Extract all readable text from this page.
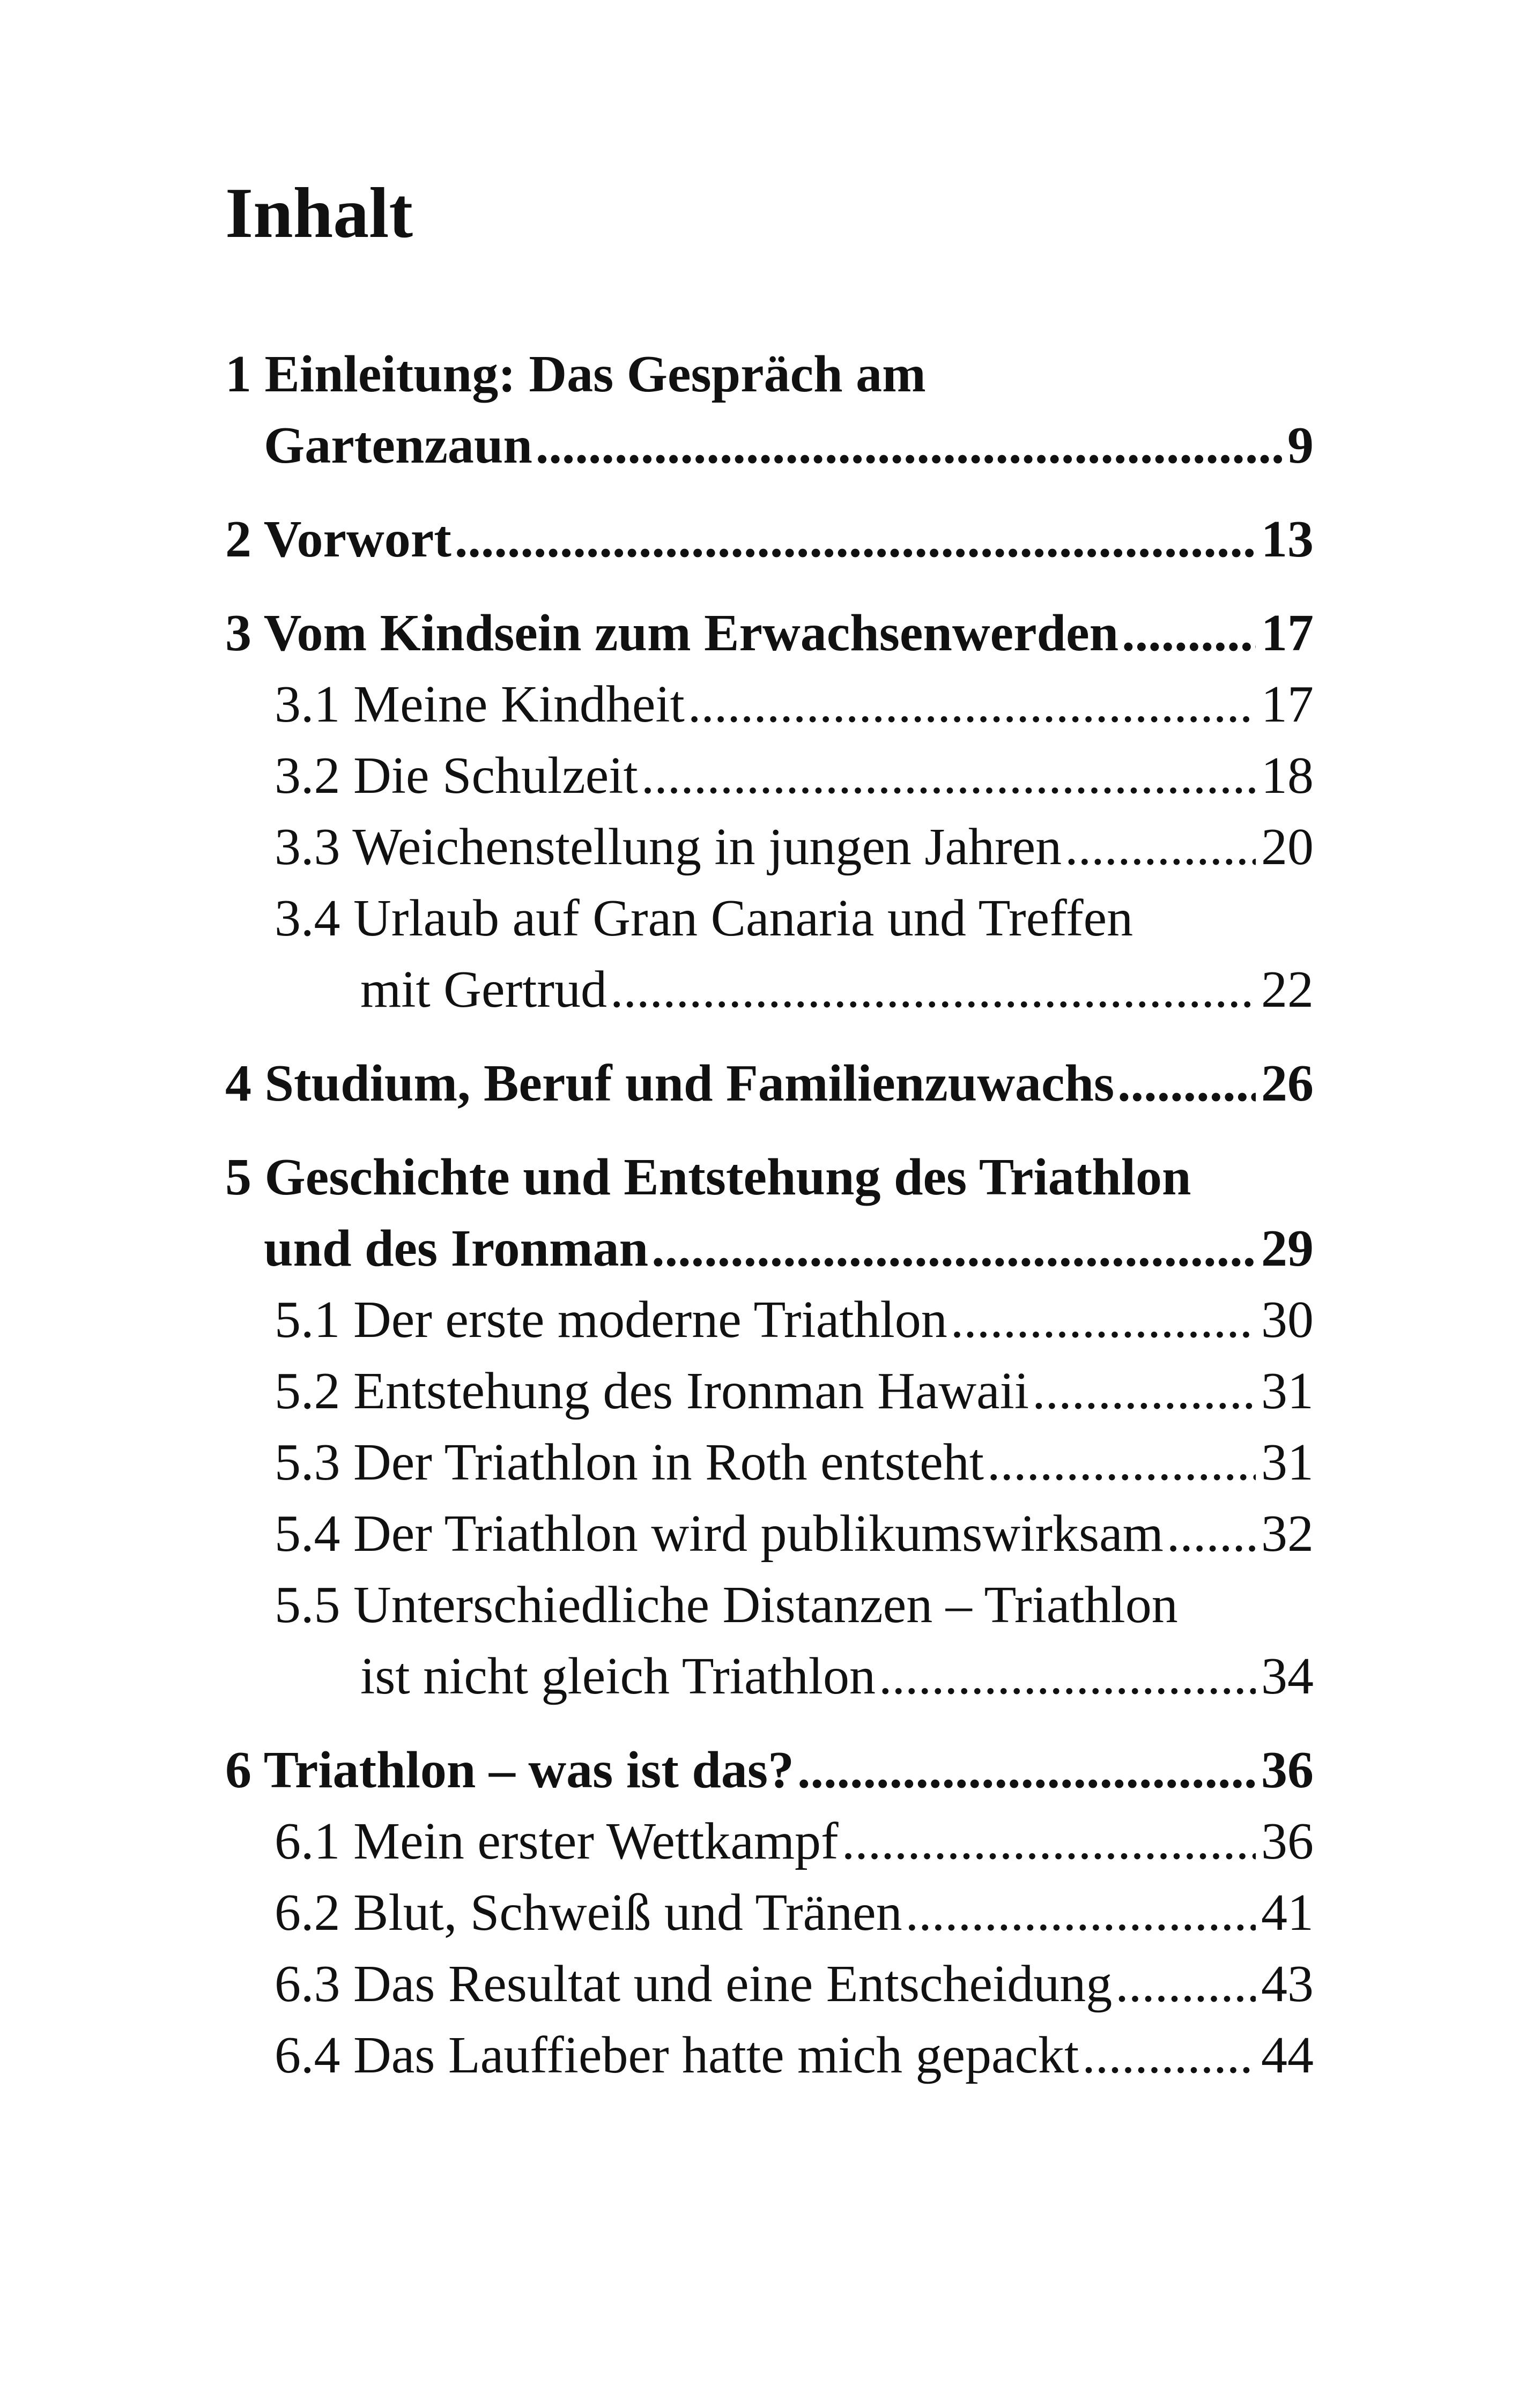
Inhalt
1 Einleitung: Das Gespräch am
Gartenzaun .....	9
2 Vorwort .....	13
3 Vom Kindsein zum Erwachsenwerden .....	17
3.1 Meine Kindheit .....	17
3.2 Die Schulzeit .....	18
3.3 Weichenstellung in jungen Jahren .....	20
3.4 Urlaub auf Gran Canaria und Treffen
mit Gertrud .....	22
4 Studium, Beruf und Familienzuwachs .....	26
5 Geschichte und Entstehung des Triathlon
und des Ironman .....	29
5.1 Der erste moderne Triathlon .....	30
5.2 Entstehung des Ironman Hawaii .....	31
5.3 Der Triathlon in Roth entsteht .....	31
5.4 Der Triathlon wird publikumswirksam ..... 32
5.5 Unterschiedliche Distanzen – Triathlon
ist nicht gleich Triathlon .....	34
6 Triathlon – was ist das? .....	36
6.1 Mein erster Wettkampf .....	36
6.2 Blut, Schweiß und Tränen .....	41
6.3 Das Resultat und eine Entscheidung .....	43
6.4 Das Lauffieber hatte mich gepackt .....	44
